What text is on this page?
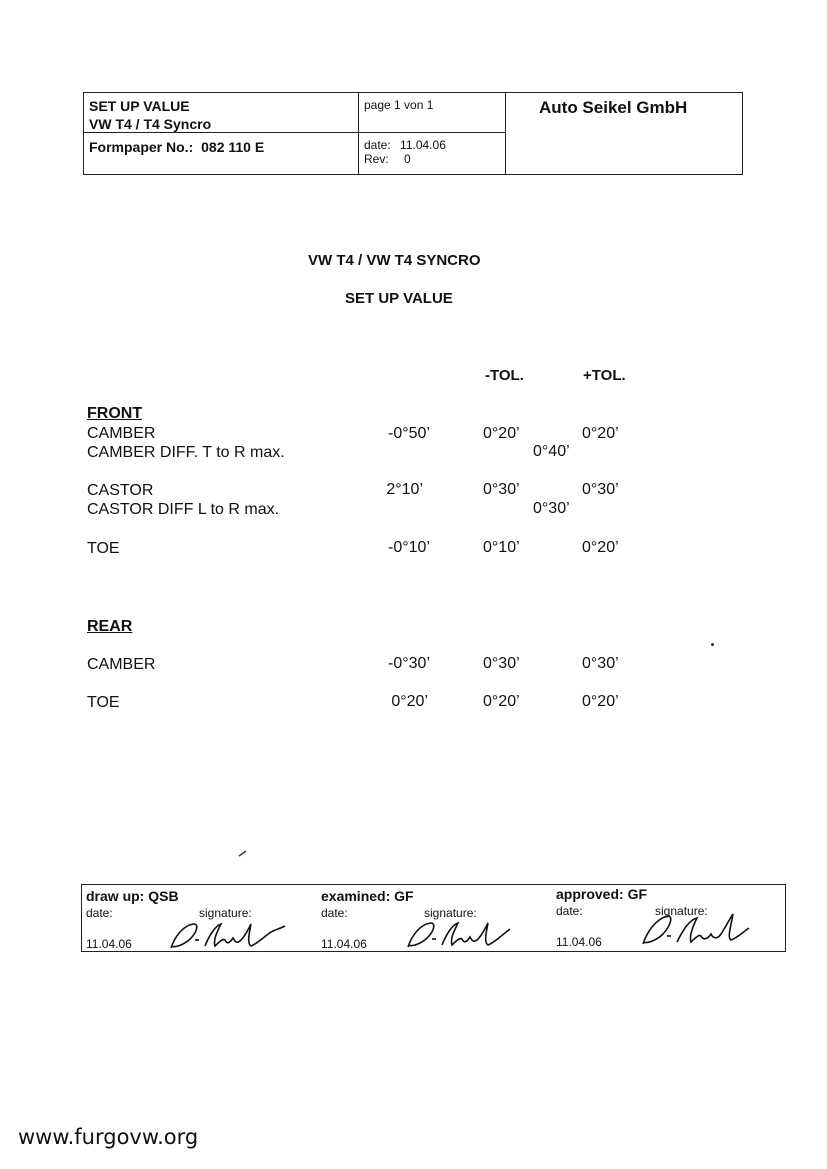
SET UP VALUE
VW T4 / T4 Syncro
Formpaper No.: 082 110 E
page 1 von 1
date: 11.04.06
Rev: 0
Auto Seikel GmbH
VW T4 / VW T4 SYNCRO
SET UP VALUE
-TOL.	+TOL.
FRONT
CAMBER	-0°50’	0°20’	0°20’
CAMBER DIFF. T to R max.	0°40’
CASTOR	2°10’	0°30’	0°30’
CASTOR DIFF L to R max.	0°30’
TOE	-0°10’	0°10’	0°20’
REAR
CAMBER	-0°30’	0°30’	0°30’
TOE	0°20’	0°20’	0°20’
draw up: QSB
date:	signature:
11.04.06
examined: GF
date:	signature:
11.04.06
approved: GF
date:	signature:
11.04.06
www.furgovw.org
